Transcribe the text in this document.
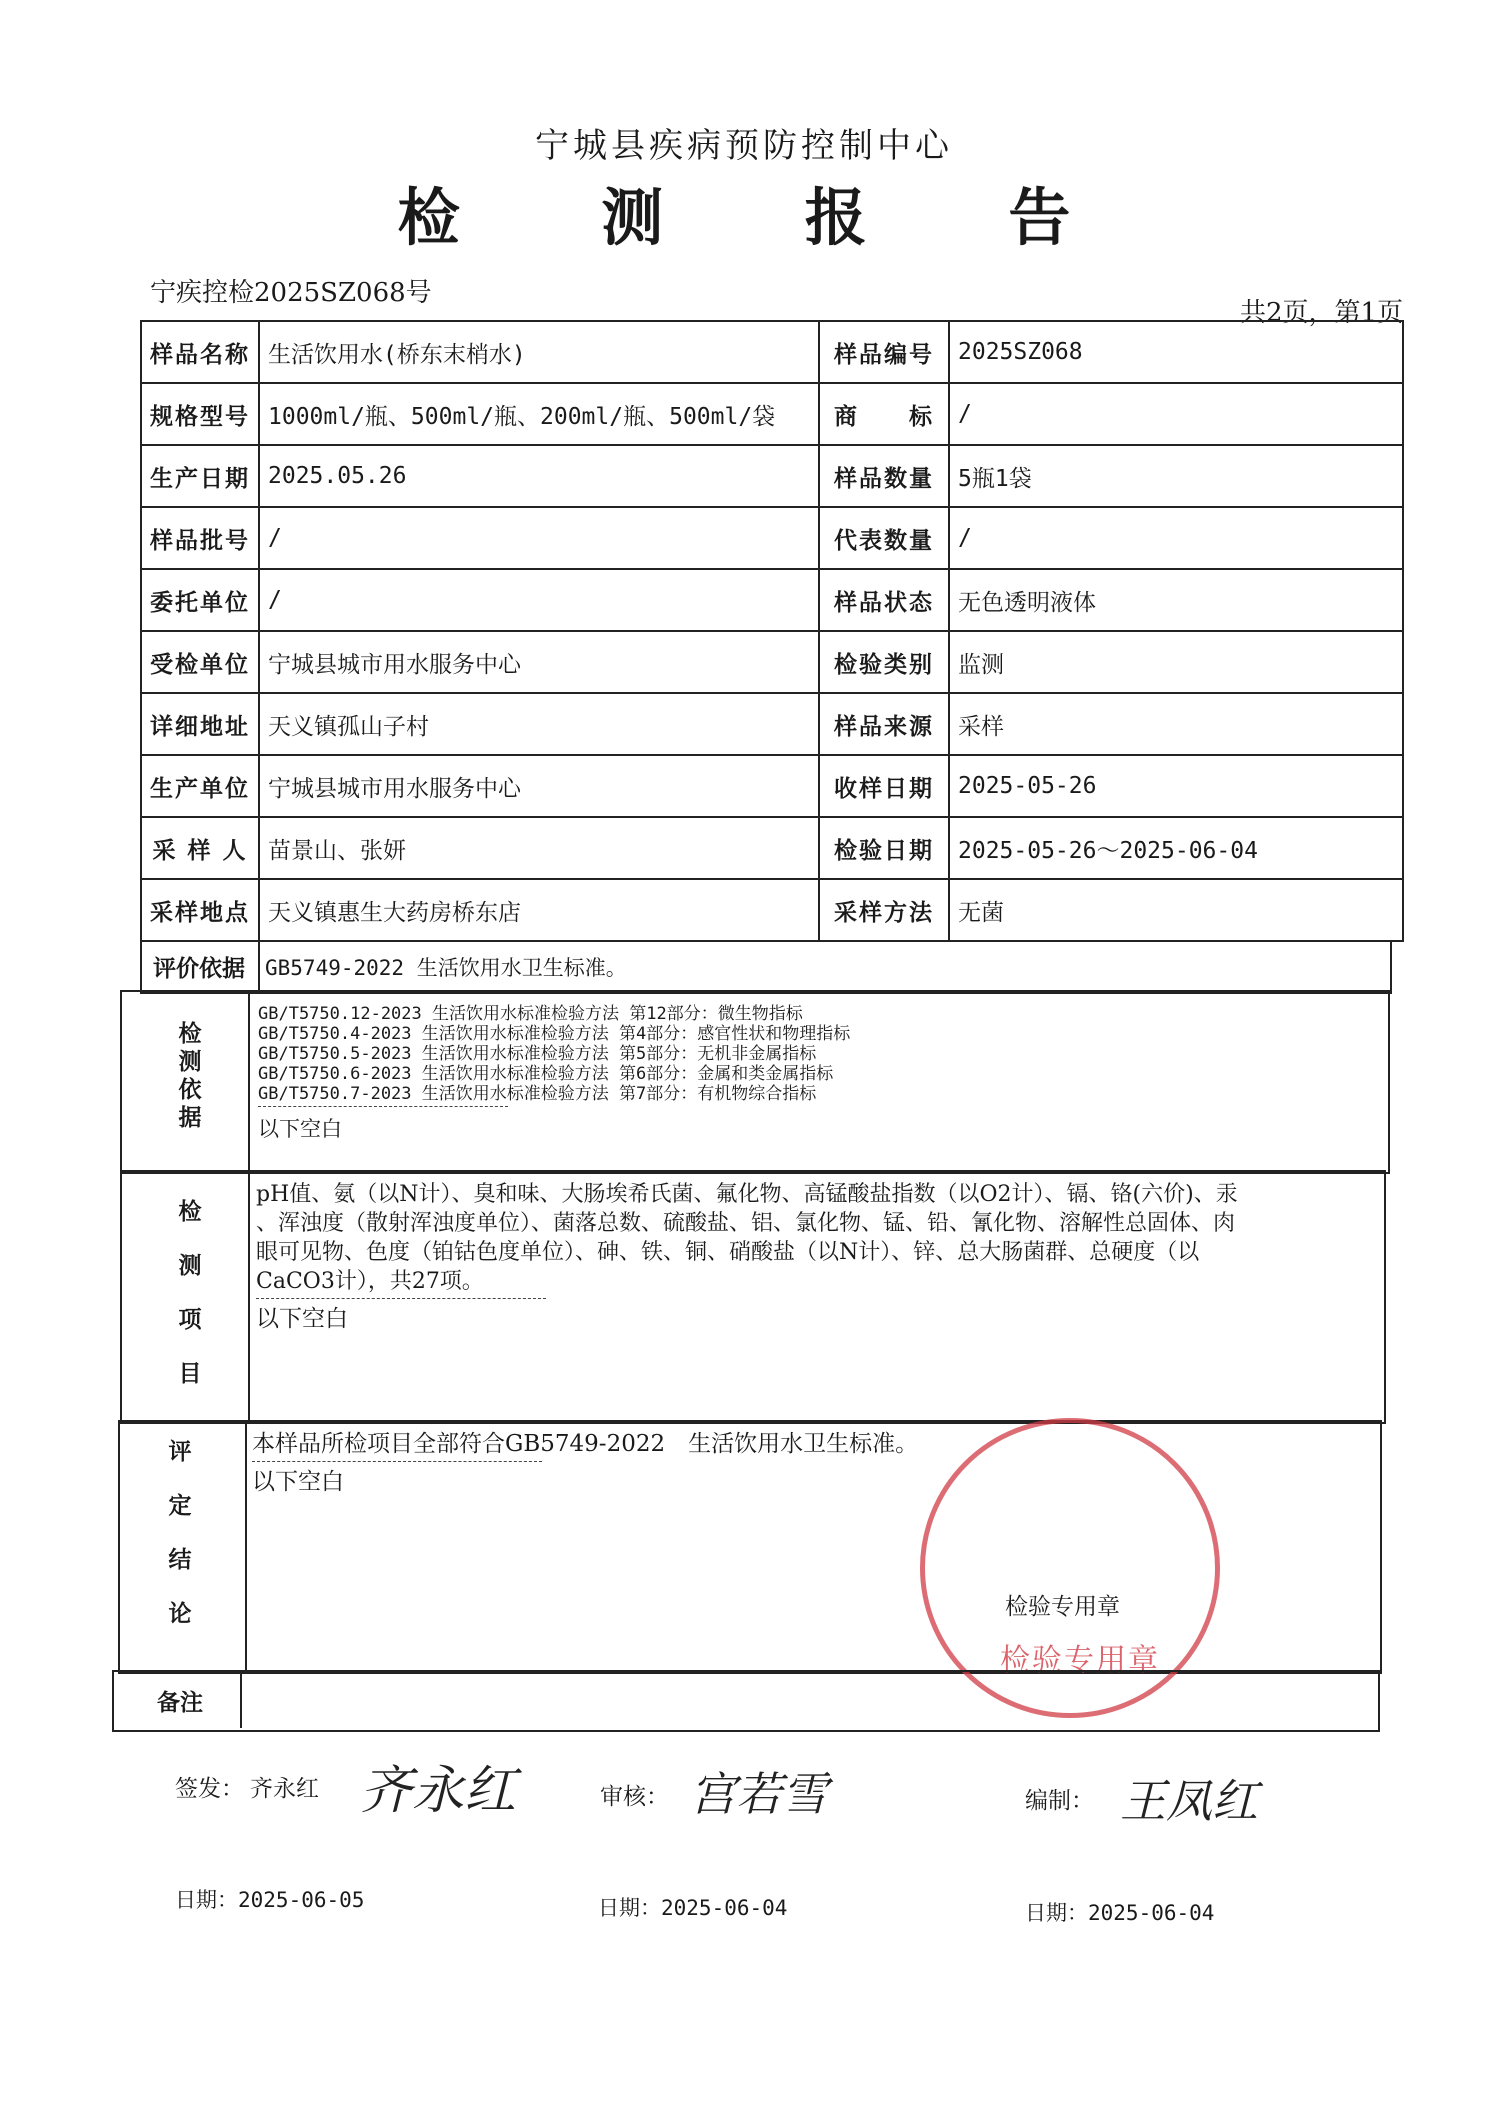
宁城县疾病预防控制中心
检 测 报 告
宁疾控检2025SZ068号
共2页，第1页
样品名称	生活饮用水(桥东末梢水)	样品编号	2025SZ068
规格型号	1000ml/瓶、500ml/瓶、200ml/瓶、500ml/袋	商　　标	/
生产日期	2025.05.26	样品数量	5瓶1袋
样品批号	/	代表数量	/
委托单位	/	样品状态	无色透明液体
受检单位	宁城县城市用水服务中心	检验类别	监测
详细地址	天义镇孤山子村	样品来源	采样
生产单位	宁城县城市用水服务中心	收样日期	2025-05-26
采 样 人	苗景山、张妍	检验日期	2025-05-26～2025-06-04
采样地点	天义镇惠生大药房桥东店	采样方法	无菌
评价依据 GB5749-2022 生活饮用水卫生标准。
检
测
依
据
GB/T5750.12-2023 生活饮用水标准检验方法 第12部分：微生物指标
GB/T5750.4-2023 生活饮用水标准检验方法 第4部分：感官性状和物理指标
GB/T5750.5-2023 生活饮用水标准检验方法 第5部分：无机非金属指标
GB/T5750.6-2023 生活饮用水标准检验方法 第6部分：金属和类金属指标
GB/T5750.7-2023 生活饮用水标准检验方法 第7部分：有机物综合指标
以下空白
检
测
项
目
pH值、氨（以N计）、臭和味、大肠埃希氏菌、氟化物、高锰酸盐指数（以O2计）、镉、铬(六价)、汞
、浑浊度（散射浑浊度单位）、菌落总数、硫酸盐、铝、氯化物、锰、铅、氰化物、溶解性总固体、肉
眼可见物、色度（铂钴色度单位）、砷、铁、铜、硝酸盐（以N计）、锌、总大肠菌群、总硬度（以
CaCO3计），共27项。
以下空白
评
定
结
论
本样品所检项目全部符合GB5749-2022　生活饮用水卫生标准。
以下空白
检验专用章
检验专用章
备注
签发： 齐永红 齐永红	审核： 宫若雪	编制： 王凤红
日期：2025-06-05	日期：2025-06-04	日期：2025-06-04
